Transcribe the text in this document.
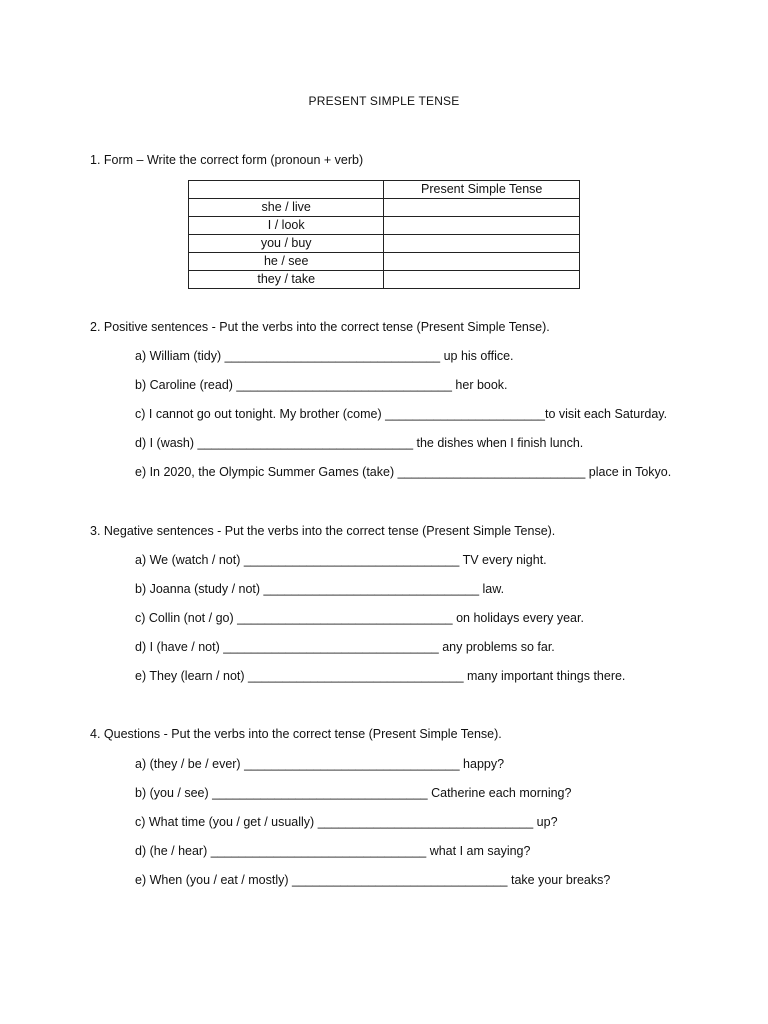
PRESENT SIMPLE TENSE
1. Form – Write the correct form (pronoun + verb)
	Present Simple Tense
she / live	
I / look	
you / buy	
he / see	
they / take	
2. Positive sentences - Put the verbs into the correct tense (Present Simple Tense).
a) William (tidy) _______________________________ up his office.
b) Caroline (read) _______________________________ her book.
c) I cannot go out tonight. My brother (come) _______________________to visit each Saturday.
d) I (wash) _______________________________ the dishes when I finish lunch.
e) In 2020, the Olympic Summer Games (take) ___________________________ place in Tokyo.
3. Negative sentences - Put the verbs into the correct tense (Present Simple Tense).
a) We (watch / not) _______________________________ TV every night.
b) Joanna (study / not) _______________________________ law.
c) Collin (not / go) _______________________________ on holidays every year.
d) I (have / not) _______________________________ any problems so far.
e) They (learn / not) _______________________________ many important things there.
4. Questions - Put the verbs into the correct tense (Present Simple Tense).
a) (they / be / ever) _______________________________ happy?
b) (you / see) _______________________________ Catherine each morning?
c) What time (you / get / usually) _______________________________ up?
d) (he / hear) _______________________________ what I am saying?
e) When (you / eat / mostly) _______________________________ take your breaks?
